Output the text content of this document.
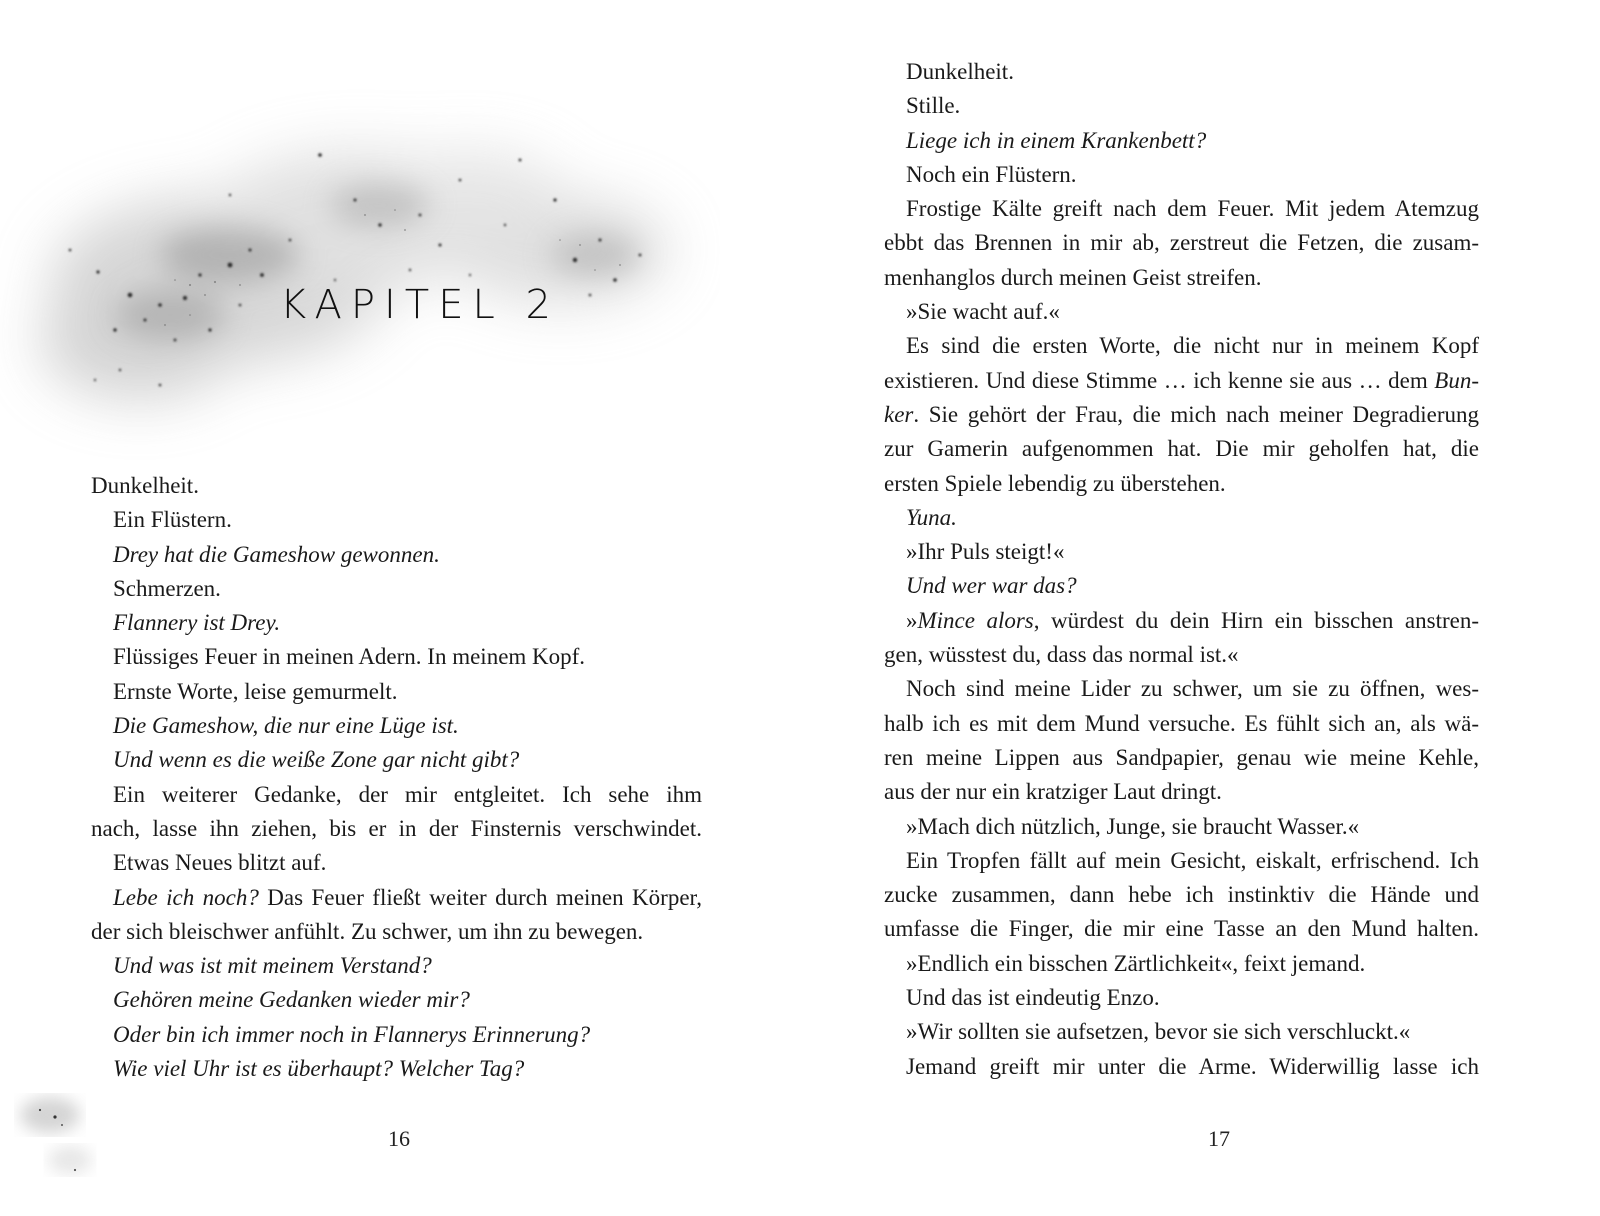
KAPITEL 2
Dunkelheit.
Ein Flüstern.
Drey hat die Gameshow gewonnen.
Schmerzen.
Flannery ist Drey.
Flüssiges Feuer in meinen Adern. In meinem Kopf.
Ernste Worte, leise gemurmelt.
Die Gameshow, die nur eine Lüge ist.
Und wenn es die weiße Zone gar nicht gibt?
Ein weiterer Gedanke, der mir entgleitet. Ich sehe ihm
nach, lasse ihn ziehen, bis er in der Finsternis verschwindet.
Etwas Neues blitzt auf.
Lebe ich noch? Das Feuer fließt weiter durch meinen Körper,
der sich bleischwer anfühlt. Zu schwer, um ihn zu bewegen.
Und was ist mit meinem Verstand?
Gehören meine Gedanken wieder mir?
Oder bin ich immer noch in Flannerys Erinnerung?
Wie viel Uhr ist es überhaupt? Welcher Tag?
16
Dunkelheit.
Stille.
Liege ich in einem Krankenbett?
Noch ein Flüstern.
Frostige Kälte greift nach dem Feuer. Mit jedem Atemzug
ebbt das Brennen in mir ab, zerstreut die Fetzen, die zusam-
menhanglos durch meinen Geist streifen.
»Sie wacht auf.«
Es sind die ersten Worte, die nicht nur in meinem Kopf
existieren. Und diese Stimme … ich kenne sie aus … dem Bun-
ker. Sie gehört der Frau, die mich nach meiner Degradierung
zur Gamerin aufgenommen hat. Die mir geholfen hat, die
ersten Spiele lebendig zu überstehen.
Yuna.
»Ihr Puls steigt!«
Und wer war das?
»Mince alors, würdest du dein Hirn ein bisschen anstren-
gen, wüsstest du, dass das normal ist.«
Noch sind meine Lider zu schwer, um sie zu öffnen, wes-
halb ich es mit dem Mund versuche. Es fühlt sich an, als wä-
ren meine Lippen aus Sandpapier, genau wie meine Kehle,
aus der nur ein kratziger Laut dringt.
»Mach dich nützlich, Junge, sie braucht Wasser.«
Ein Tropfen fällt auf mein Gesicht, eiskalt, erfrischend. Ich
zucke zusammen, dann hebe ich instinktiv die Hände und
umfasse die Finger, die mir eine Tasse an den Mund halten.
»Endlich ein bisschen Zärtlichkeit«, feixt jemand.
Und das ist eindeutig Enzo.
»Wir sollten sie aufsetzen, bevor sie sich verschluckt.«
Jemand greift mir unter die Arme. Widerwillig lasse ich
17
